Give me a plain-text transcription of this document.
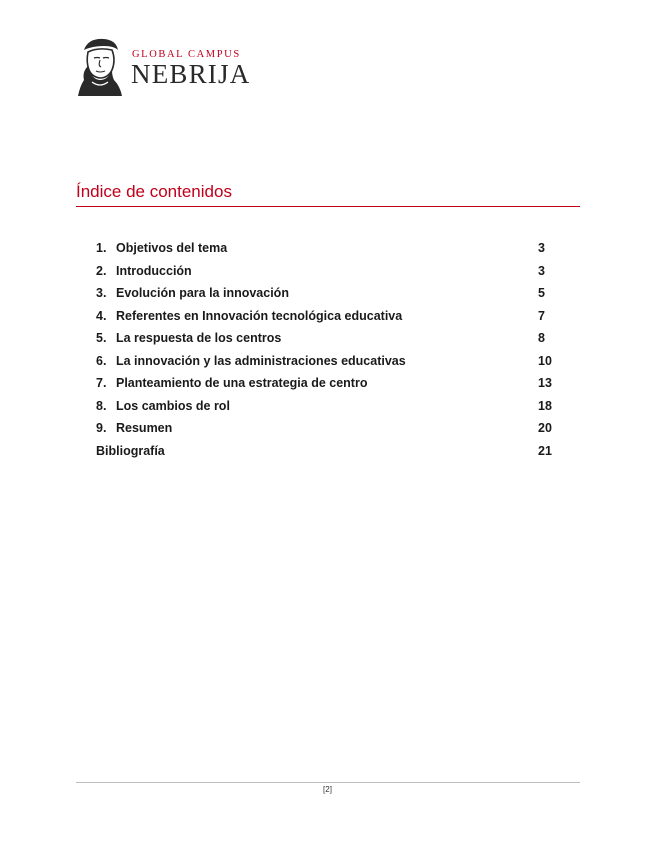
GLOBAL CAMPUS
NEBRIJA
Índice de contenidos
1. Objetivos del tema	3
2. Introducción	3
3. Evolución para la innovación	5
4. Referentes en Innovación tecnológica educativa	7
5. La respuesta de los centros	8
6. La innovación y las administraciones educativas	10
7. Planteamiento de una estrategia de centro	13
8. Los cambios de rol	18
9. Resumen	20
Bibliografía	21
[2]
